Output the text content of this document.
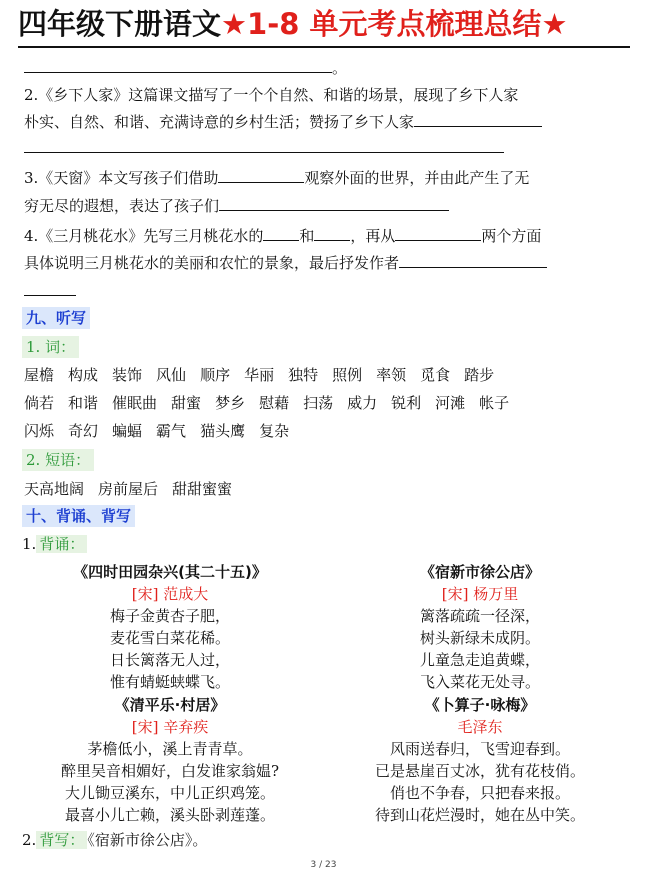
四年级下册语文★1-8 单元考点梳理总结★
。
2.《乡下人家》这篇课文描写了一个个自然、和谐的场景，展现了乡下人家
朴实、自然、和谐、充满诗意的乡村生活；赞扬了乡下人家
3.《天窗》本文写孩子们借助	观察外面的世界，并由此产生了无
穷无尽的遐想，表达了孩子们
4.《三月桃花水》先写三月桃花水的 和 ，再从	两个方面
具体说明三月桃花水的美丽和农忙的景象，最后抒发作者
九、听写
1. 词：
屋檐 构成 装饰 风仙 顺序 华丽 独特 照例 率领 觅食 踏步
倘若 和谐 催眠曲 甜蜜 梦乡 慰藉 扫荡 威力 锐利 河滩 帐子
闪烁 奇幻 蝙蝠 霸气 猫头鹰 复杂
2. 短语：
天高地阔 房前屋后 甜甜蜜蜜
十、背诵、背写
1. 背诵：
《四时田园杂兴(其二十五)》
[宋] 范成大
梅子金黄杏子肥，
麦花雪白菜花稀。
日长篱落无人过，
惟有蜻蜓蛱蝶飞。
《宿新市徐公店》
[宋] 杨万里
篱落疏疏一径深，
树头新绿未成阴。
儿童急走追黄蝶，
飞入菜花无处寻。
《清平乐·村居》
[宋] 辛弃疾
茅檐低小，溪上青青草。
醉里吴音相媚好，白发谁家翁媪?
大儿锄豆溪东，中儿正织鸡笼。
最喜小儿亡赖，溪头卧剥莲蓬。
《卜算子·咏梅》
毛泽东
风雨送春归，飞雪迎春到。
已是悬崖百丈冰，犹有花枝俏。
俏也不争春，只把春来报。
待到山花烂漫时，她在丛中笑。
2. 背写： 《宿新市徐公店》。
3 / 23
